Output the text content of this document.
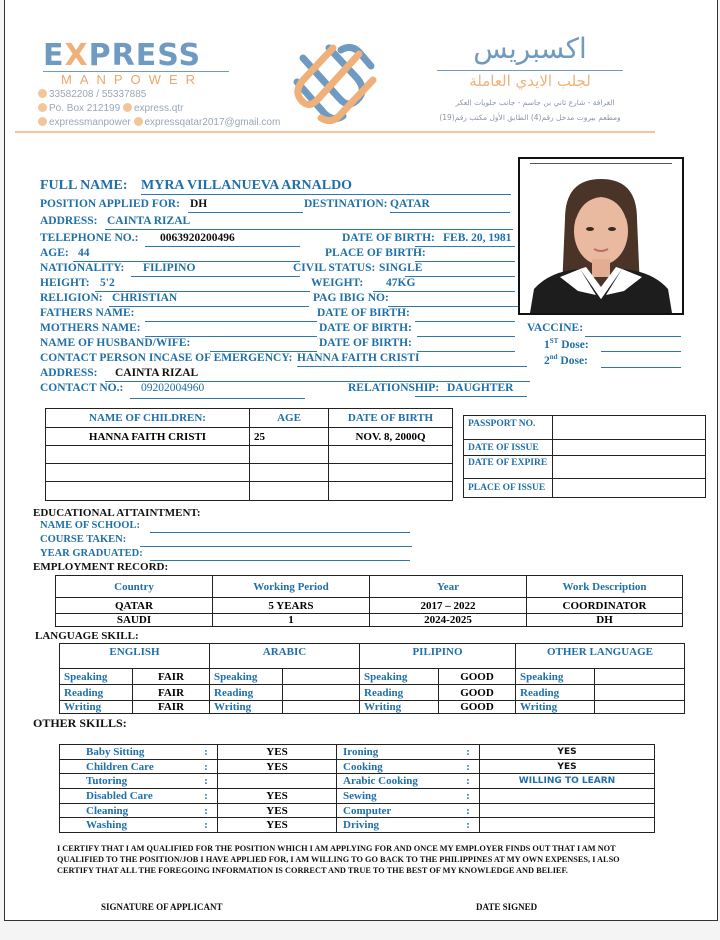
EXPRESS
MANPOWER
33582208 / 55337885
Po. Box 212199 express.qtr
expressmanpower expressqatar2017@gmail.com
اكسبريس
لجلب الايدي العاملة
الغرافة - شارع ثاني بن جاسم - جانب حلويات العكر
ومطعم بيروت مدخل رقم(4) الطابق الأول مكتب رقم(19)
FULL NAME: MYRA VILLANUEVA ARNALDO
POSITION APPLIED FOR: DH	DESTINATION: QATAR
ADDRESS: CAINTA RIZAL
TELEPHONE NO.: 0063920200496	DATE OF BIRTH: FEB. 20, 1981
AGE: 44	PLACE OF BIRTH:
NATIONALITY: FILIPINO	CIVIL STATUS: SINGLE
HEIGHT: 5'2	WEIGHT: 47KG
RELIGION: CHRISTIAN	PAG IBIG NO:
FATHERS NAME:	DATE OF BIRTH:
MOTHERS NAME:	DATE OF BIRTH:
NAME OF HUSBAND/WIFE:	DATE OF BIRTH:
CONTACT PERSON INCASE OF EMERGENCY: HANNA FAITH CRISTI
ADDRESS: CAINTA RIZAL
CONTACT NO.: 09202004960	RELATIONSHIP: DAUGHTER
VACCINE:
1ST Dose:
2nd Dose:
NAME OF CHILDREN:	AGE	DATE OF BIRTH
HANNA FAITH CRISTI	25	NOV. 8, 2000Q

PASSPORT NO.	
DATE OF ISSUE	
DATE OF EXPIRE	
PLACE OF ISSUE	
EDUCATIONAL ATTAINTMENT:
NAME OF SCHOOL:
COURSE TAKEN:
YEAR GRADUATED:
EMPLOYMENT RECORD:
Country	Working Period	Year	Work Description
QATAR	5 YEARS	2017 – 2022	COORDINATOR
SAUDI	1	2024-2025	DH
LANGUAGE SKILL:
ENGLISH		ARABIC		PILIPINO		OTHER LANGUAGE	
Speaking	FAIR	Speaking		Speaking	GOOD	Speaking	
Reading	FAIR	Reading		Reading	GOOD	Reading	
Writing	FAIR	Writing		Writing	GOOD	Writing	
OTHER SKILLS:
Baby Sitting	:	YES	Ironing	:	YES
Children Care	:	YES	Cooking	:	YES
Tutoring	:		Arabic Cooking	:	WILLING TO LEARN
Disabled Care	:	YES	Sewing	:	
Cleaning	:	YES	Computer	:	
Washing	:	YES	Driving	:	
I CERTIFY THAT I AM QUALIFIED FOR THE POSITION WHICH I AM APPLYING FOR AND ONCE MY EMPLOYER FINDS OUT THAT I AM NOT QUALIFIED TO THE POSITION/JOB I HAVE APPLIED FOR, I AM WILLING TO GO BACK TO THE PHILIPPINES AT MY OWN EXPENSES, I ALSO CERTIFY THAT ALL THE FOREGOING INFORMATION IS CORRECT AND TRUE TO THE BEST OF MY KNOWLEDGE AND BELIEF.
SIGNATURE OF APPLICANT	DATE SIGNED
